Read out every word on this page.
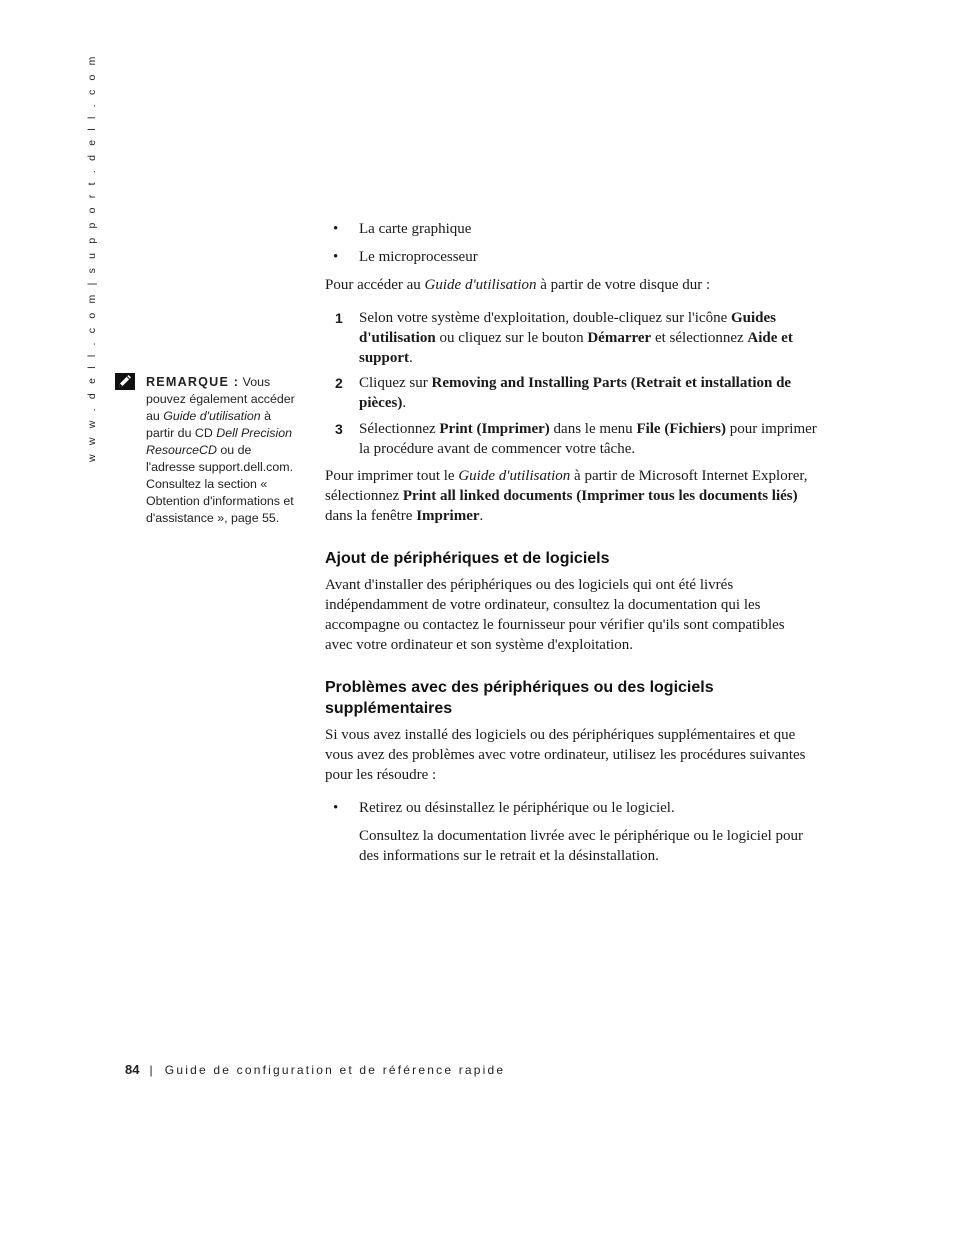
w w w . d e l l . c o m | s u p p o r t . d e l l . c o m	REMARQUE : Vous pouvez également accéder au Guide d'utilisation à partir du CD Dell Precision ResourceCD ou de l'adresse support.dell.com. Consultez la section « Obtention d'informations et d'assistance », page 55.
• La carte graphique
• Le microprocesseur
Pour accéder au Guide d'utilisation à partir de votre disque dur :
1 Selon votre système d'exploitation, double-cliquez sur l'icône Guides d'utilisation ou cliquez sur le bouton Démarrer et sélectionnez Aide et support.
2 Cliquez sur Removing and Installing Parts (Retrait et installation de pièces).
3 Sélectionnez Print (Imprimer) dans le menu File (Fichiers) pour imprimer la procédure avant de commencer votre tâche.
Pour imprimer tout le Guide d'utilisation à partir de Microsoft Internet Explorer, sélectionnez Print all linked documents (Imprimer tous les documents liés) dans la fenêtre Imprimer.
Ajout de périphériques et de logiciels
Avant d'installer des périphériques ou des logiciels qui ont été livrés indépendamment de votre ordinateur, consultez la documentation qui les accompagne ou contactez le fournisseur pour vérifier qu'ils sont compatibles avec votre ordinateur et son système d'exploitation.
Problèmes avec des périphériques ou des logiciels supplémentaires
Si vous avez installé des logiciels ou des périphériques supplémentaires et que vous avez des problèmes avec votre ordinateur, utilisez les procédures suivantes pour les résoudre :
• Retirez ou désinstallez le périphérique ou le logiciel.
Consultez la documentation livrée avec le périphérique ou le logiciel pour des informations sur le retrait et la désinstallation.
84 | Guide de configuration et de référence rapide
